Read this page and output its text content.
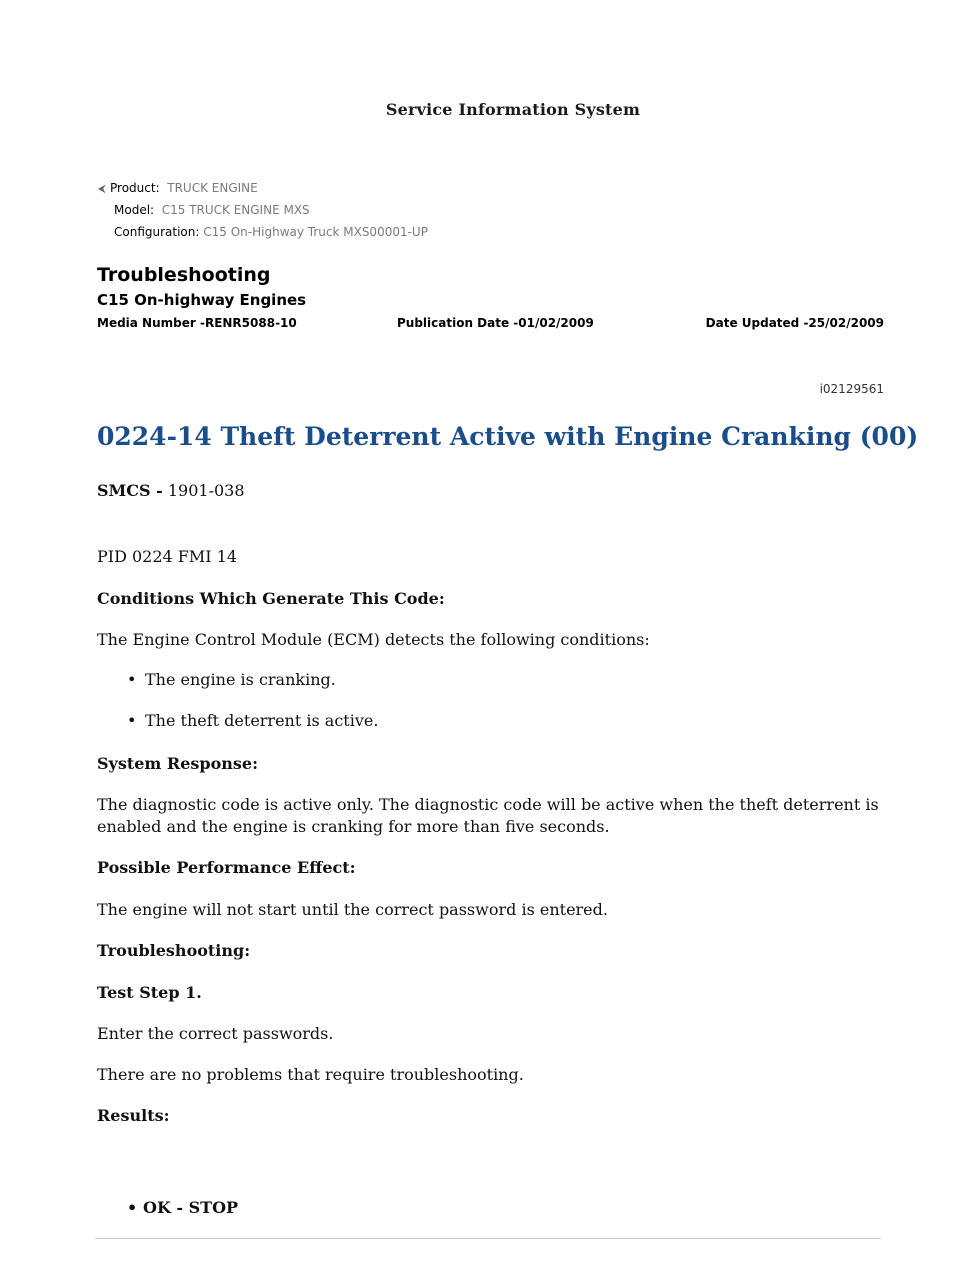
Service Information System
⮜ Product: TRUCK ENGINE
Model: C15 TRUCK ENGINE MXS
Configuration: C15 On-Highway Truck MXS00001-UP
Troubleshooting
C15 On-highway Engines
Media Number -RENR5088-10	Publication Date -01/02/2009	Date Updated -25/02/2009
i02129561
0224-14 Theft Deterrent Active with Engine Cranking (00)
SMCS - 1901-038
PID 0224 FMI 14
Conditions Which Generate This Code:
The Engine Control Module (ECM) detects the following conditions:
• The engine is cranking.
• The theft deterrent is active.
System Response:
The diagnostic code is active only. The diagnostic code will be active when the theft deterrent is enabled and the engine is cranking for more than five seconds.
Possible Performance Effect:
The engine will not start until the correct password is entered.
Troubleshooting:
Test Step 1.
Enter the correct passwords.
There are no problems that require troubleshooting.
Results:
• OK - STOP
